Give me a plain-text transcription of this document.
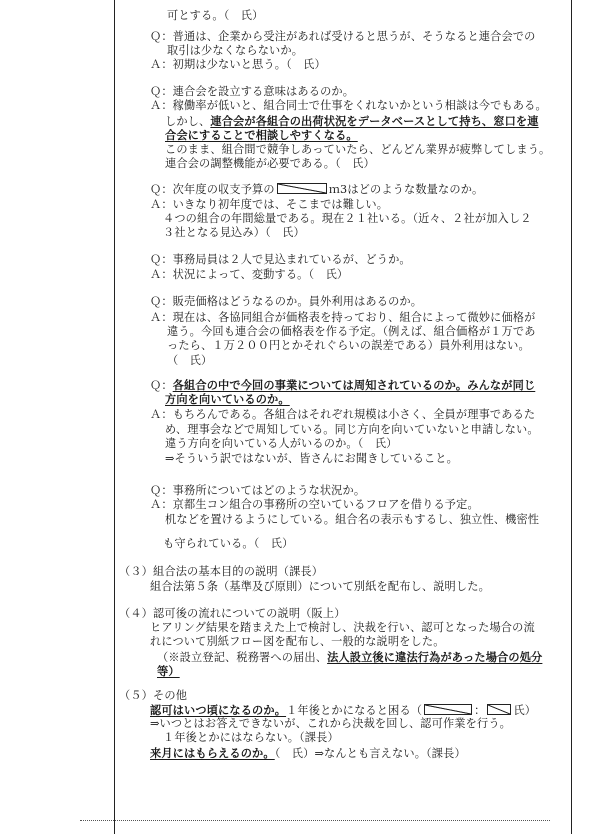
可とする。（　氏）
Ｑ：普通は、企業から受注があれば受けると思うが、そうなると連合会での
取引は少なくならないか。
Ａ：初期は少ないと思う。（　氏）
Ｑ：連合会を設立する意味はあるのか。
Ａ：稼働率が低いと、組合同士で仕事をくれないかという相談は今でもある。
しかし、連合会が各組合の出荷状況をデータベースとして持ち、窓口を連
合会にすることで相談しやすくなる。
このまま、組合間で競争しあっていたら、どんどん業界が疲弊してしまう。
連合会の調整機能が必要である。（　氏）
Ｑ：次年度の収支予算の	ｍ3はどのような数量なのか。
Ａ：いきなり初年度では、そこまでは難しい。
４つの組合の年間総量である。現在２１社いる。（近々、２社が加入し２
３社となる見込み）（　氏）
Ｑ：事務局員は２人で見込まれているが、どうか。
Ａ：状況によって、変動する。（　氏）
Ｑ：販売価格はどうなるのか。員外利用はあるのか。
Ａ：現在は、各協同組合が価格表を持っており、組合によって微妙に価格が
違う。今回も連合会の価格表を作る予定。（例えば、組合価格が１万であ
ったら、１万２００円とかそれぐらいの誤差である）員外利用はない。
（　氏）
Ｑ：各組合の中で今回の事業については周知されているのか。みんなが同じ
方向を向いているのか。
Ａ：もちろんである。各組合はそれぞれ規模は小さく、全員が理事であるた
め、理事会などで周知している。同じ方向を向いていないと申請しない。
違う方向を向いている人がいるのか。（　氏）
⇒そういう訳ではないが、皆さんにお聞きしていること。
Ｑ：事務所についてはどのような状況か。
Ａ：京都生コン組合の事務所の空いているフロアを借りる予定。
机などを置けるようにしている。組合名の表示もするし、独立性、機密性
も守られている。（　氏）
（３）組合法の基本目的の説明（課長）
組合法第５条（基準及び原則）について別紙を配布し、説明した。
（４）認可後の流れについての説明（阪上）
ヒアリング結果を踏まえた上で検討し、決裁を行い、認可となった場合の流
れについて別紙フロー図を配布し、一般的な説明をした。
（※設立登記、税務署への届出、法人設立後に違法行為があった場合の処分
等）
（５）その他
認可はいつ頃になるのか。１年後とかになると困る（	：	氏）
⇒いつとはお答えできないが、これから決裁を回し、認可作業を行う。
１年後とかにはならない。（課長）
来月にはもらえるのか。（　氏）⇒なんとも言えない。（課長）
